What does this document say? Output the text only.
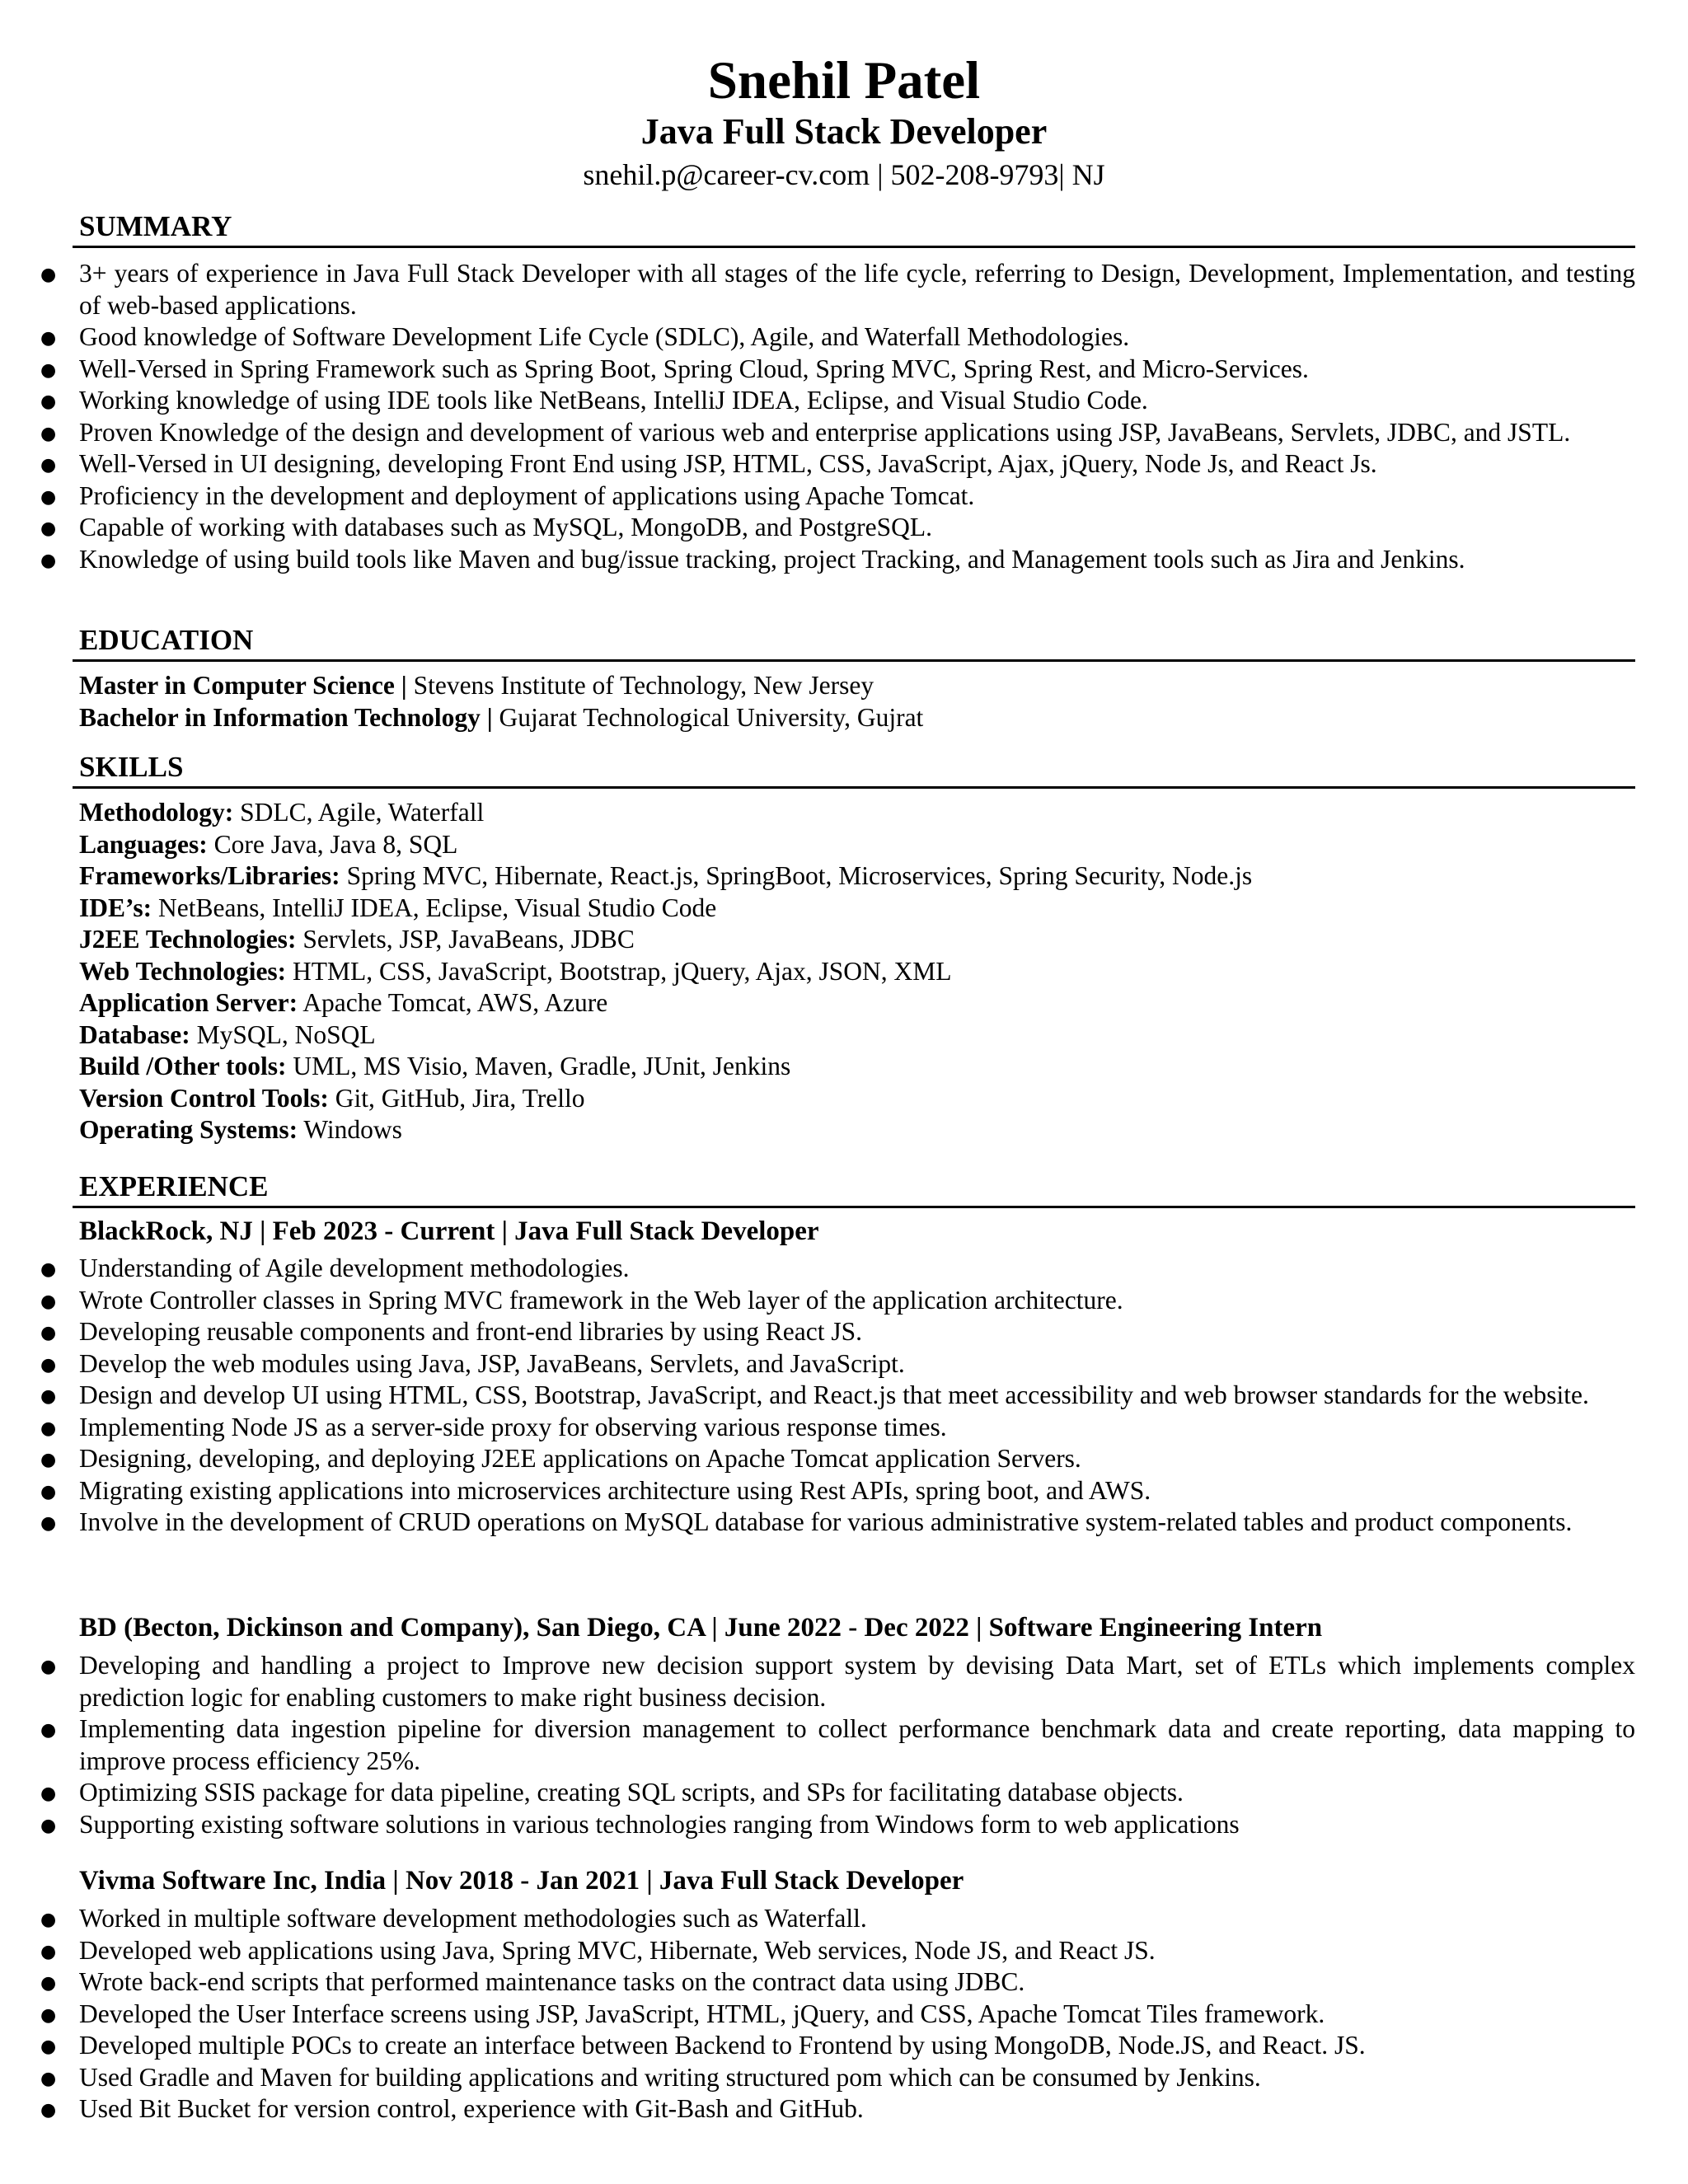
Snehil Patel
Java Full Stack Developer
snehil.p@career-cv.com | 502-208-9793| NJ
SUMMARY
● 3+ years of experience in Java Full Stack Developer with all stages of the life cycle, referring to Design, Development, Implementation, and testing of web-based applications.
● Good knowledge of Software Development Life Cycle (SDLC), Agile, and Waterfall Methodologies.
● Well-Versed in Spring Framework such as Spring Boot, Spring Cloud, Spring MVC, Spring Rest, and Micro-Services.
● Working knowledge of using IDE tools like NetBeans, IntelliJ IDEA, Eclipse, and Visual Studio Code.
● Proven Knowledge of the design and development of various web and enterprise applications using JSP, JavaBeans, Servlets, JDBC, and JSTL.
● Well-Versed in UI designing, developing Front End using JSP, HTML, CSS, JavaScript, Ajax, jQuery, Node Js, and React Js.
● Proficiency in the development and deployment of applications using Apache Tomcat.
● Capable of working with databases such as MySQL, MongoDB, and PostgreSQL.
● Knowledge of using build tools like Maven and bug/issue tracking, project Tracking, and Management tools such as Jira and Jenkins.
EDUCATION
Master in Computer Science | Stevens Institute of Technology, New Jersey
Bachelor in Information Technology | Gujarat Technological University, Gujrat
SKILLS
Methodology: SDLC, Agile, Waterfall
Languages: Core Java, Java 8, SQL
Frameworks/Libraries: Spring MVC, Hibernate, React.js, SpringBoot, Microservices, Spring Security, Node.js
IDE’s: NetBeans, IntelliJ IDEA, Eclipse, Visual Studio Code
J2EE Technologies: Servlets, JSP, JavaBeans, JDBC
Web Technologies: HTML, CSS, JavaScript, Bootstrap, jQuery, Ajax, JSON, XML
Application Server: Apache Tomcat, AWS, Azure
Database: MySQL, NoSQL
Build /Other tools: UML, MS Visio, Maven, Gradle, JUnit, Jenkins
Version Control Tools: Git, GitHub, Jira, Trello
Operating Systems: Windows
EXPERIENCE
BlackRock, NJ | Feb 2023 - Current | Java Full Stack Developer
● Understanding of Agile development methodologies.
● Wrote Controller classes in Spring MVC framework in the Web layer of the application architecture.
● Developing reusable components and front-end libraries by using React JS.
● Develop the web modules using Java, JSP, JavaBeans, Servlets, and JavaScript.
● Design and develop UI using HTML, CSS, Bootstrap, JavaScript, and React.js that meet accessibility and web browser standards for the website.
● Implementing Node JS as a server-side proxy for observing various response times.
● Designing, developing, and deploying J2EE applications on Apache Tomcat application Servers.
● Migrating existing applications into microservices architecture using Rest APIs, spring boot, and AWS.
● Involve in the development of CRUD operations on MySQL database for various administrative system-related tables and product components.
BD (Becton, Dickinson and Company), San Diego, CA | June 2022 - Dec 2022 | Software Engineering Intern
● Developing and handling a project to Improve new decision support system by devising Data Mart, set of ETLs which implements complex prediction logic for enabling customers to make right business decision.
● Implementing data ingestion pipeline for diversion management to collect performance benchmark data and create reporting, data mapping to improve process efficiency 25%.
● Optimizing SSIS package for data pipeline, creating SQL scripts, and SPs for facilitating database objects.
● Supporting existing software solutions in various technologies ranging from Windows form to web applications
Vivma Software Inc, India | Nov 2018 - Jan 2021 | Java Full Stack Developer
● Worked in multiple software development methodologies such as Waterfall.
● Developed web applications using Java, Spring MVC, Hibernate, Web services, Node JS, and React JS.
● Wrote back-end scripts that performed maintenance tasks on the contract data using JDBC.
● Developed the User Interface screens using JSP, JavaScript, HTML, jQuery, and CSS, Apache Tomcat Tiles framework.
● Developed multiple POCs to create an interface between Backend to Frontend by using MongoDB, Node.JS, and React. JS.
● Used Gradle and Maven for building applications and writing structured pom which can be consumed by Jenkins.
● Used Bit Bucket for version control, experience with Git-Bash and GitHub.
